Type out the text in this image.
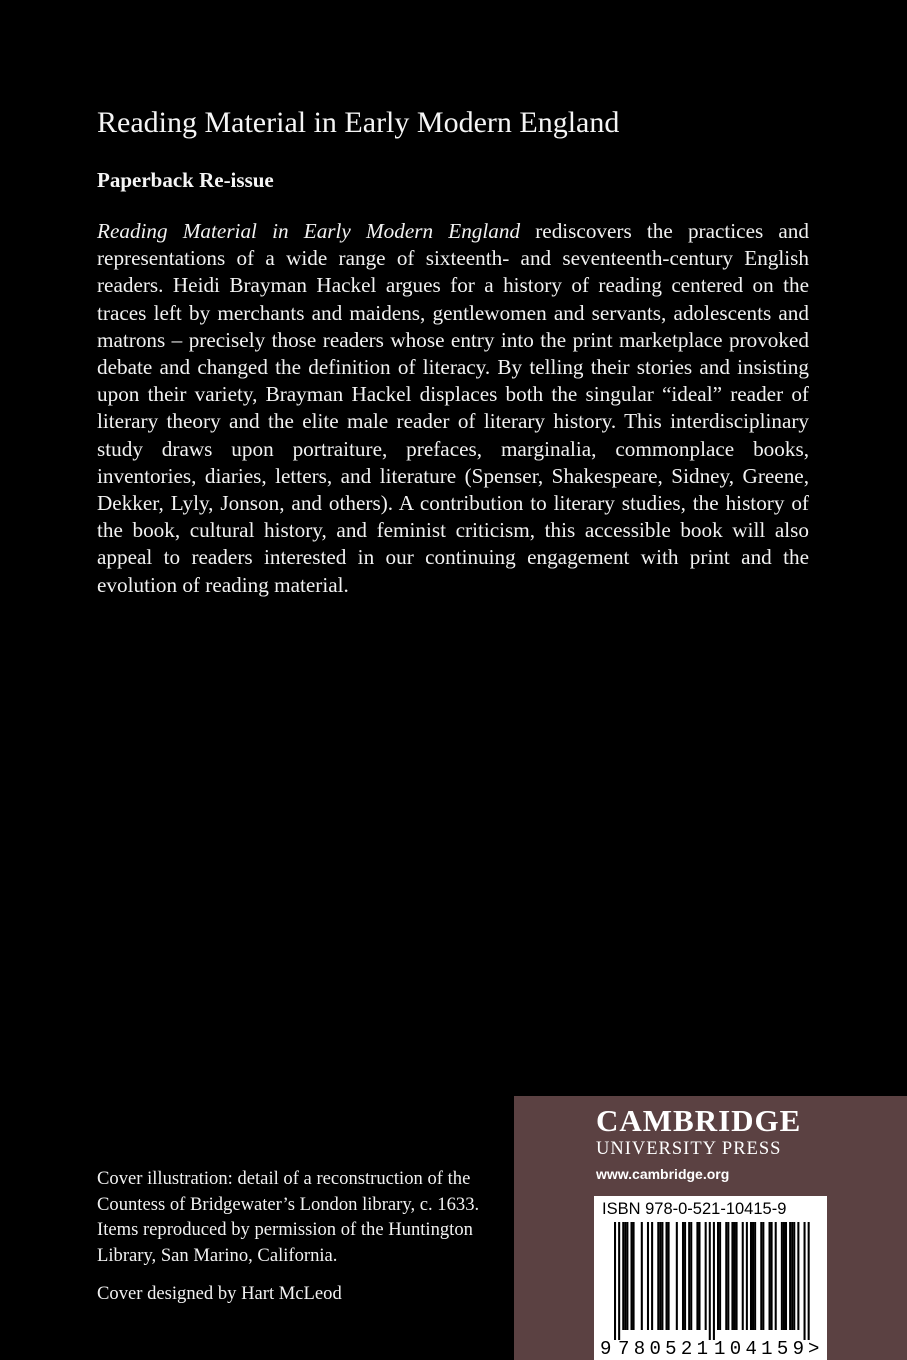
Reading Material in Early Modern England
Paperback Re-issue
Reading Material in Early Modern England rediscovers the practices and representations of a wide range of sixteenth- and seventeenth-century English readers. Heidi Brayman Hackel argues for a history of reading centered on the traces left by merchants and maidens, gentlewomen and servants, adolescents and matrons – precisely those readers whose entry into the print marketplace provoked debate and changed the definition of literacy. By telling their stories and insisting upon their variety, Brayman Hackel displaces both the singular “ideal” reader of literary theory and the elite male reader of literary history. This interdisciplinary study draws upon portraiture, prefaces, marginalia, commonplace books, inventories, diaries, letters, and literature (Spenser, Shakespeare, Sidney, Greene, Dekker, Lyly, Jonson, and others). A contribution to literary studies, the history of the book, cultural history, and feminist criticism, this accessible book will also appeal to readers interested in our continuing engagement with print and the evolution of reading material.

Cover illustration: detail of a reconstruction of the Countess of Bridgewater’s London library, c. 1633. Items reproduced by permission of the Huntington Library, San Marino, California.

Cover designed by Hart McLeod

CAMBRIDGE
UNIVERSITY PRESS
www.cambridge.org
ISBN 978-0-521-10415-9
9 780521 104159 >
